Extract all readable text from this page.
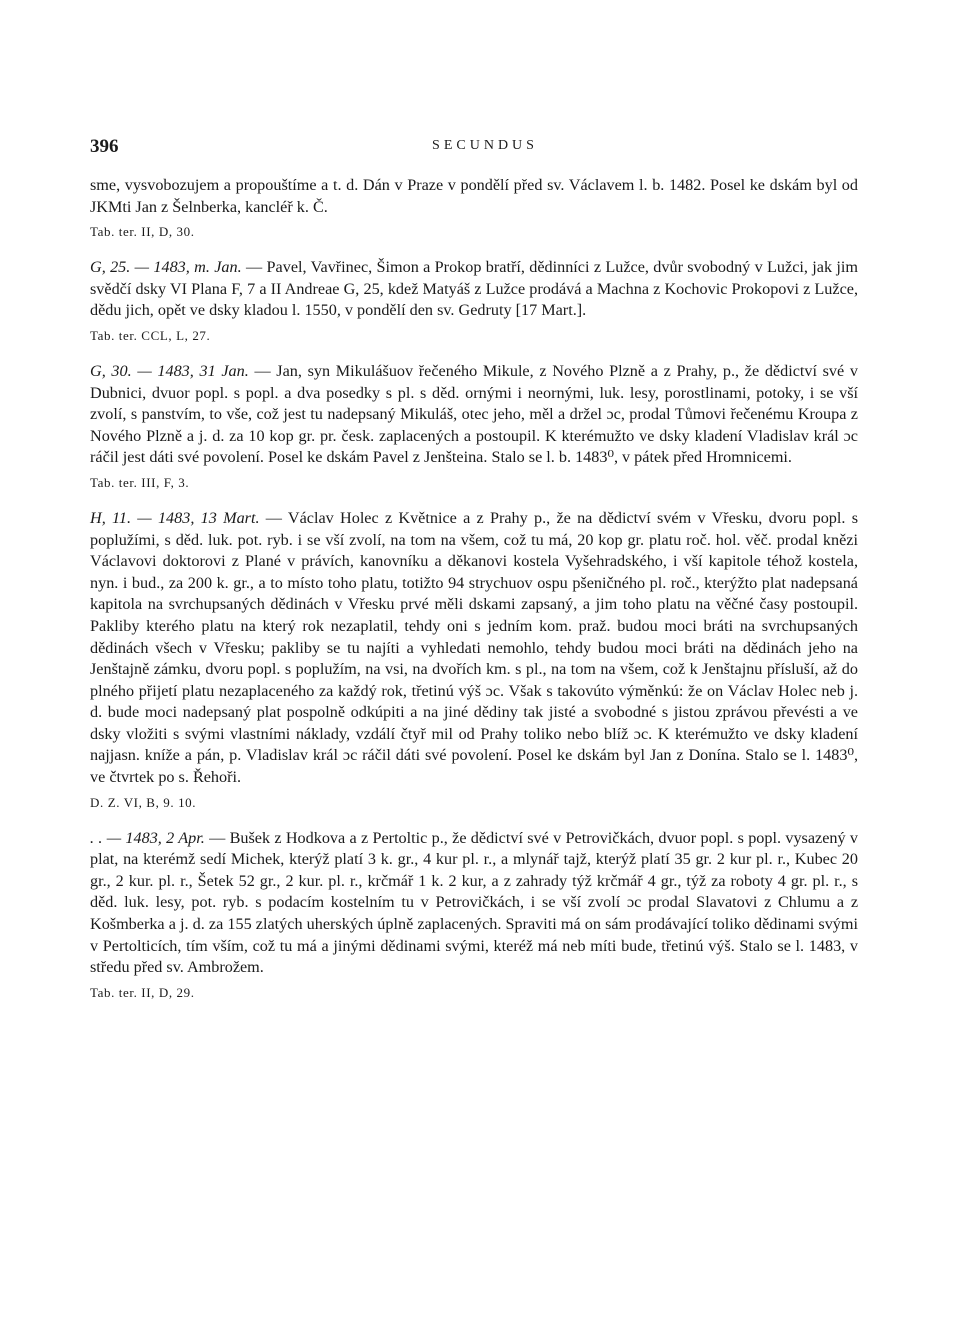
396	SECUNDUS

sme, vysvobozujem a propouštíme a t. d. Dán v Praze v pondělí před sv. Václavem l. b. 1482. Posel ke dskám byl od JKMti Jan z Šelnberka, kancléř k. Č.

Tab. ter. II, D, 30.

G, 25. — 1483, m. Jan. — Pavel, Vavřinec, Šimon a Prokop bratří, dědinníci z Lužce, dvůr svobodný v Lužci, jak jim svědčí dsky VI Plana F, 7 a II Andreae G, 25, kdež Matyáš z Lužce prodává a Machna z Kochovic Prokopovi z Lužce, dědu jich, opět ve dsky kladou l. 1550, v pondělí den sv. Gedruty [17 Mart.].

Tab. ter. CCL, L, 27.

G, 30. — 1483, 31 Jan. — Jan, syn Mikulášuov řečeného Mikule, z Nového Plzně a z Prahy, p., že dědictví své v Dubnici, dvuor popl. s popl. a dva posedky s pl. s děd. ornými i neornými, luk. lesy, porostlinami, potoky, i se vší zvolí, s panstvím, to vše, což jest tu nadepsaný Mikuláš, otec jeho, měl a držel ɔc, prodal Tůmovi řečenému Kroupa z Nového Plzně a j. d. za 10 kop gr. pr. česk. zaplacených a postoupil. K kterémužto ve dsky kladení Vladislav král ɔc ráčil jest dáti své povolení. Posel ke dskám Pavel z Jenšteina. Stalo se l. b. 1483⁰, v pátek před Hromnicemi.

Tab. ter. III, F, 3.

H, 11. — 1483, 13 Mart. — Václav Holec z Květnice a z Prahy p., že na dědictví svém v Vřesku, dvoru popl. s poplužími, s děd. luk. pot. ryb. i se vší zvolí, na tom na všem, což tu má, 20 kop gr. platu roč. hol. věč. prodal knězi Václavovi doktorovi z Plané v právích, kanovníku a děkanovi kostela Vyšehradského, i vší kapitole téhož kostela, nyn. i bud., za 200 k. gr., a to místo toho platu, totižto 94 strychuov ospu pšeničného pl. roč., kterýžto plat nadepsaná kapitola na svrchupsaných dědinách v Vřesku prvé měli dskami zapsaný, a jim toho platu na věčné časy postoupil. Pakliby kterého platu na který rok nezaplatil, tehdy oni s jedním kom. praž. budou moci bráti na svrchupsaných dědinách všech v Vřesku; pakliby se tu najíti a vyhledati nemohlo, tehdy budou moci bráti na dědinách jeho na Jenštajně zámku, dvoru popl. s poplužím, na vsi, na dvořích km. s pl., na tom na všem, což k Jenštajnu přísluší, až do plného přijetí platu nezaplaceného za každý rok, třetinú výš ɔc. Však s takovúto výměnkú: že on Václav Holec neb j. d. bude moci nadepsaný plat pospolně odkúpiti a na jiné dědiny tak jisté a svobodné s jistou zprávou převésti a ve dsky vložiti s svými vlastními náklady, vzdálí čtyř mil od Prahy toliko nebo blíž ɔc. K kterémužto ve dsky kladení najjasn. kníže a pán, p. Vladislav král ɔc ráčil dáti své povolení. Posel ke dskám byl Jan z Donína. Stalo se l. 1483⁰, ve čtvrtek po s. Řehoři.

D. Z. VI, B, 9. 10.

. . — 1483, 2 Apr. — Bušek z Hodkova a z Pertoltic p., že dědictví své v Petrovičkách, dvuor popl. s popl. vysazený v plat, na kterémž sedí Michek, kterýž platí 3 k. gr., 4 kur pl. r., a mlynář tajž, kterýž platí 35 gr. 2 kur pl. r., Kubec 20 gr., 2 kur. pl. r., Šetek 52 gr., 2 kur. pl. r., krčmář 1 k. 2 kur, a z zahrady týž krčmář 4 gr., týž za roboty 4 gr. pl. r., s děd. luk. lesy, pot. ryb. s podacím kostelním tu v Petrovičkách, i se vší zvolí ɔc prodal Slavatovi z Chlumu a z Košmberka a j. d. za 155 zlatých uherských úplně zaplacených. Spraviti má on sám prodávající toliko dědinami svými v Pertolticích, tím vším, což tu má a jinými dědinami svými, kteréž má neb míti bude, třetinú výš. Stalo se l. 1483, v středu před sv. Ambrožem.

Tab. ter. II, D, 29.
